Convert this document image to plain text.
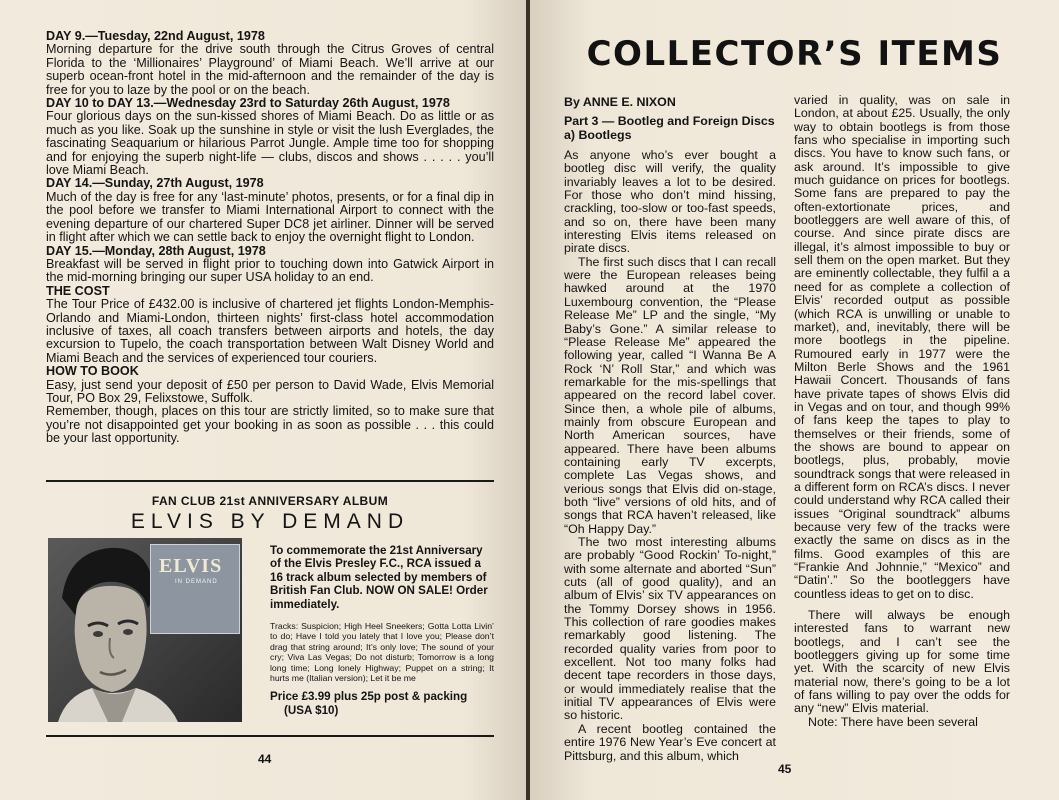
DAY 9.—Tuesday, 22nd August, 1978

Morning departure for the drive south through the Citrus Groves of central Florida to the ‘Millionaires’ Playground’ of Miami Beach. We’ll arrive at our superb ocean-front hotel in the mid-afternoon and the remainder of the day is free for you to laze by the pool or on the beach.

DAY 10 to DAY 13.—Wednesday 23rd to Saturday 26th August, 1978

Four glorious days on the sun-kissed shores of Miami Beach. Do as little or as much as you like. Soak up the sunshine in style or visit the lush Everglades, the fascinating Seaquarium or hilarious Parrot Jungle. Ample time too for shopping and for enjoying the superb night-life — clubs, discos and shows . . . . . you’ll love Miami Beach.

DAY 14.—Sunday, 27th August, 1978

Much of the day is free for any ‘last-minute’ photos, presents, or for a final dip in the pool before we transfer to Miami International Airport to connect with the evening departure of our chartered Super DC8 jet airliner. Dinner will be served in flight after which we can settle back to enjoy the overnight flight to London.

DAY 15.—Monday, 28th August, 1978

Breakfast will be served in flight prior to touching down into Gatwick Airport in the mid-morning bringing our super USA holiday to an end.

THE COST

The Tour Price of £432.00 is inclusive of chartered jet flights London-Memphis-Orlando and Miami-London, thirteen nights’ first-class hotel accommodation inclusive of taxes, all coach transfers between airports and hotels, the day excursion to Tupelo, the coach transportation between Walt Disney World and Miami Beach and the services of experienced tour couriers.

HOW TO BOOK

Easy, just send your deposit of £50 per person to David Wade, Elvis Memorial Tour, PO Box 29, Felixstowe, Suffolk.

Remember, though, places on this tour are strictly limited, so to make sure that you’re not disappointed get your booking in as soon as possible . . . this could be your last opportunity.

FAN CLUB 21st ANNIVERSARY ALBUM
ELVIS BY DEMAND
ELVIS
IN DEMAND

To commemorate the 21st Anniversary of the Elvis Presley F.C., RCA issued a 16 track album selected by members of British Fan Club. NOW ON SALE! Order immediately.

Tracks: Suspicion; High Heel Sneekers; Gotta Lotta Livin’ to do; Have I told you lately that I love you; Please don’t drag that string around; It’s only love; The sound of your cry; Viva Las Vegas; Do not disturb; Tomorrow is a long long time; Long lonely Highway; Puppet on a string; It hurts me (Italian version); Let it be me

Price £3.99 plus 25p post & packing
(USA $10)

44
COLLECTOR’S ITEMS

By ANNE E. NIXON

Part 3 — Bootleg and Foreign Discs

a) Bootlegs

As anyone who’s ever bought a bootleg disc will verify, the quality invariably leaves a lot to be desired. For those who don’t mind hissing, crackling, too-slow or too-fast speeds, and so on, there have been many interesting Elvis items released on pirate discs.

The first such discs that I can recall were the European releases being hawked around at the 1970 Luxembourg convention, the “Please Release Me” LP and the single, “My Baby’s Gone.” A similar release to “Please Release Me” appeared the following year, called “I Wanna Be A Rock ‘N’ Roll Star,” and which was remarkable for the mis-spellings that appeared on the record label cover. Since then, a whole pile of albums, mainly from obscure European and North American sources, have appeared. There have been albums containing early TV excerpts, complete Las Vegas shows, and verious songs that Elvis did on-stage, both “live” versions of old hits, and of songs that RCA haven’t released, like “Oh Happy Day.”

The two most interesting albums are probably “Good Rockin’ To-night,” with some alternate and aborted “Sun” cuts (all of good quality), and an album of Elvis’ six TV appearances on the Tommy Dorsey shows in 1956. This collection of rare goodies makes remarkably good listening. The recorded quality varies from poor to excellent. Not too many folks had decent tape recorders in those days, or would immediately realise that the initial TV appearances of Elvis were so historic.

A recent bootleg contained the entire 1976 New Year’s Eve concert at Pittsburg, and this album, which

varied in quality, was on sale in London, at about £25. Usually, the only way to obtain bootlegs is from those fans who specialise in importing such discs. You have to know such fans, or ask around. It’s impossible to give much guidance on prices for bootlegs. Some fans are prepared to pay the often-extortionate prices, and bootleggers are well aware of this, of course. And since pirate discs are illegal, it’s almost impossible to buy or sell them on the open market. But they are eminently collectable, they fulfil a a need for as complete a collection of Elvis’ recorded output as possible (which RCA is unwilling or unable to market), and, inevitably, there will be more bootlegs in the pipeline. Rumoured early in 1977 were the Milton Berle Shows and the 1961 Hawaii Concert. Thousands of fans have private tapes of shows Elvis did in Vegas and on tour, and though 99% of fans keep the tapes to play to themselves or their friends, some of the shows are bound to appear on bootlegs, plus, probably, movie soundtrack songs that were released in a different form on RCA’s discs. I never could understand why RCA called their issues “Original soundtrack” albums because very few of the tracks were exactly the same on discs as in the films. Good examples of this are “Frankie And Johnnie,” “Mexico” and “Datin’.” So the bootleggers have countless ideas to get on to disc.

There will always be enough interested fans to warrant new bootlegs, and I can’t see the bootleggers giving up for some time yet. With the scarcity of new Elvis material now, there’s going to be a lot of fans willing to pay over the odds for any “new” Elvis material.

Note: There have been several

45
